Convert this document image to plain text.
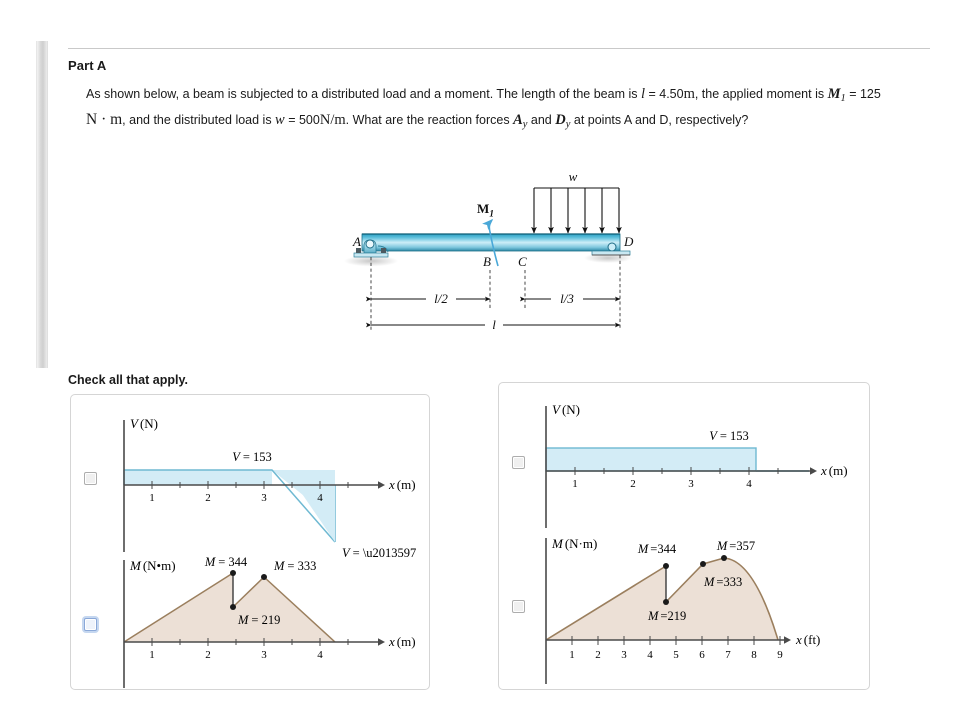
Part A
As shown below, a beam is subjected to a distributed load and a moment. The length of the beam is l = 4.50m, the applied moment is $M_1 = 125$
N · m, and the distributed load is w = 500N/m. What are the reaction forces $A_y$ and $D_y$ at points A and D, respectively?
w
A
B C
D
$M_1$
l/2	l/3
l
Check all that apply.
1	2	3	4
V (N)
x (m)
V = 153
V = \u2013597
1	2	3	4
M (N•m)
x (m)
M = 344 M = 333
M = 219
1	2	3	4
V (N)
x (m)
V = 153
1 2 3 4 5 6 7 8 9
M (N·m)
x (ft)
M =344	M =357
M =333
M =219
